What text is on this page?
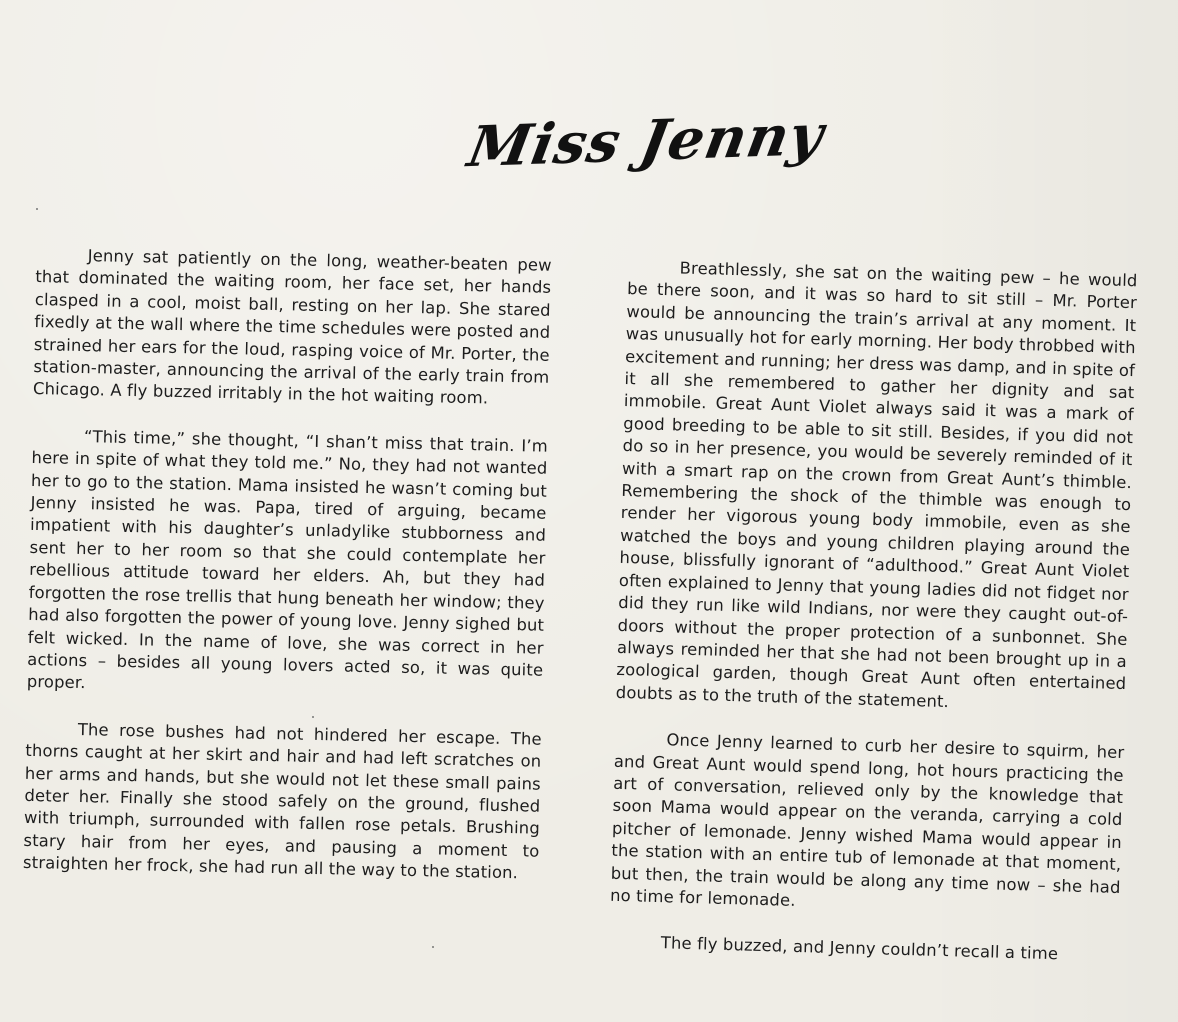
Miss Jenny

Jenny sat patiently on the long, weather-beaten pew that dominated the waiting room, her face set, her hands clasped in a cool, moist ball, resting on her lap. She stared fixedly at the wall where the time schedules were posted and strained her ears for the loud, rasping voice of Mr. Porter, the station-master, announcing the arrival of the early train from Chicago. A fly buzzed irritably in the hot waiting room.

“This time,” she thought, “I shan’t miss that train. I’m here in spite of what they told me.” No, they had not wanted her to go to the station. Mama insisted he wasn’t coming but Jenny insisted he was. Papa, tired of arguing, became impatient with his daughter’s unladylike stubborness and sent her to her room so that she could contemplate her rebellious attitude toward her elders. Ah, but they had forgotten the rose trellis that hung beneath her window; they had also forgotten the power of young love. Jenny sighed but felt wicked. In the name of love, she was correct in her actions – besides all young lovers acted so, it was quite proper.

The rose bushes had not hindered her escape. The thorns caught at her skirt and hair and had left scratches on her arms and hands, but she would not let these small pains deter her. Finally she stood safely on the ground, flushed with triumph, surrounded with fallen rose petals. Brushing stary hair from her eyes, and pausing a moment to straighten her frock, she had run all the way to the station.

Breathlessly, she sat on the waiting pew – he would be there soon, and it was so hard to sit still – Mr. Porter would be announcing the train’s arrival at any moment. It was unusually hot for early morning. Her body throbbed with excitement and running; her dress was damp, and in spite of it all she remembered to gather her dignity and sat immobile. Great Aunt Violet always said it was a mark of good breeding to be able to sit still. Besides, if you did not do so in her presence, you would be severely reminded of it with a smart rap on the crown from Great Aunt’s thimble. Remembering the shock of the thimble was enough to render her vigorous young body immobile, even as she watched the boys and young children playing around the house, blissfully ignorant of “adulthood.” Great Aunt Violet often explained to Jenny that young ladies did not fidget nor did they run like wild Indians, nor were they caught out-of-doors without the proper protection of a sunbonnet. She always reminded her that she had not been brought up in a zoological garden, though Great Aunt often entertained doubts as to the truth of the statement.

Once Jenny learned to curb her desire to squirm, her and Great Aunt would spend long, hot hours practicing the art of conversation, relieved only by the knowledge that soon Mama would appear on the veranda, carrying a cold pitcher of lemonade. Jenny wished Mama would appear in the station with an entire tub of lemonade at that moment, but then, the train would be along any time now – she had no time for lemonade.

The fly buzzed, and Jenny couldn’t recall a time
